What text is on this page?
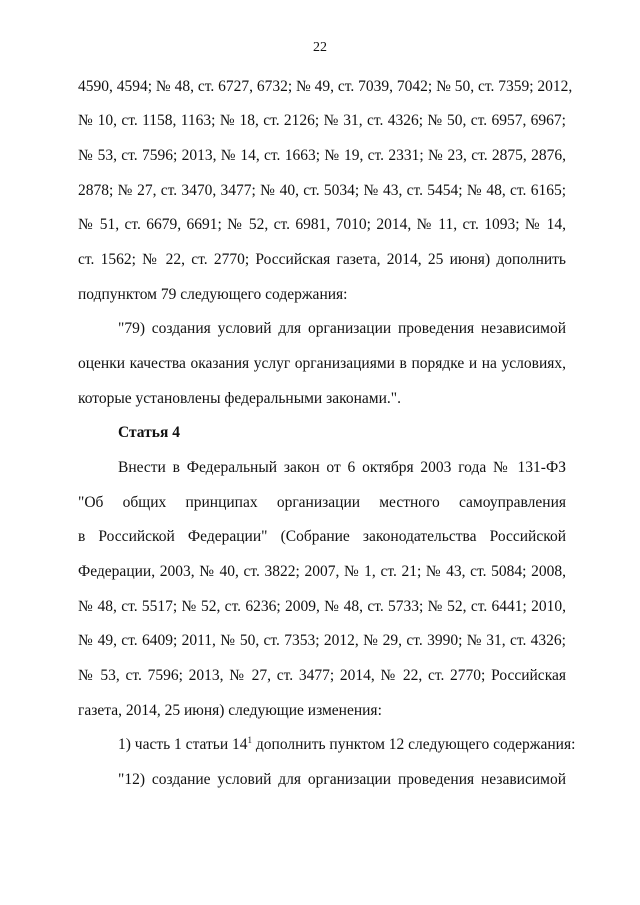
22
4590, 4594; № 48, ст. 6727, 6732; № 49, ст. 7039, 7042; № 50, ст. 7359; 2012,
№ 10, ст. 1158, 1163; № 18, ст. 2126; № 31, ст. 4326; № 50, ст. 6957, 6967;
№ 53, ст. 7596; 2013, № 14, ст. 1663; № 19, ст. 2331; № 23, ст. 2875, 2876,
2878; № 27, ст. 3470, 3477; № 40, ст. 5034; № 43, ст. 5454; № 48, ст. 6165;
№ 51, ст. 6679, 6691; № 52, ст. 6981, 7010; 2014, № 11, ст. 1093; № 14,
ст. 1562; № 22, ст. 2770; Российская газета, 2014, 25 июня) дополнить
подпунктом 79 следующего содержания:
"79) создания условий для организации проведения независимой
оценки качества оказания услуг организациями в порядке и на условиях,
которые установлены федеральными законами.".
Статья 4
Внести в Федеральный закон от 6 октября 2003 года № 131-ФЗ
"Об общих принципах организации местного самоуправления
в Российской Федерации" (Собрание законодательства Российской
Федерации, 2003, № 40, ст. 3822; 2007, № 1, ст. 21; № 43, ст. 5084; 2008,
№ 48, ст. 5517; № 52, ст. 6236; 2009, № 48, ст. 5733; № 52, ст. 6441; 2010,
№ 49, ст. 6409; 2011, № 50, ст. 7353; 2012, № 29, ст. 3990; № 31, ст. 4326;
№ 53, ст. 7596; 2013, № 27, ст. 3477; 2014, № 22, ст. 2770; Российская
газета, 2014, 25 июня) следующие изменения:
1) часть 1 статьи $14^1$ дополнить пунктом 12 следующего содержания:
"12) создание условий для организации проведения независимой
